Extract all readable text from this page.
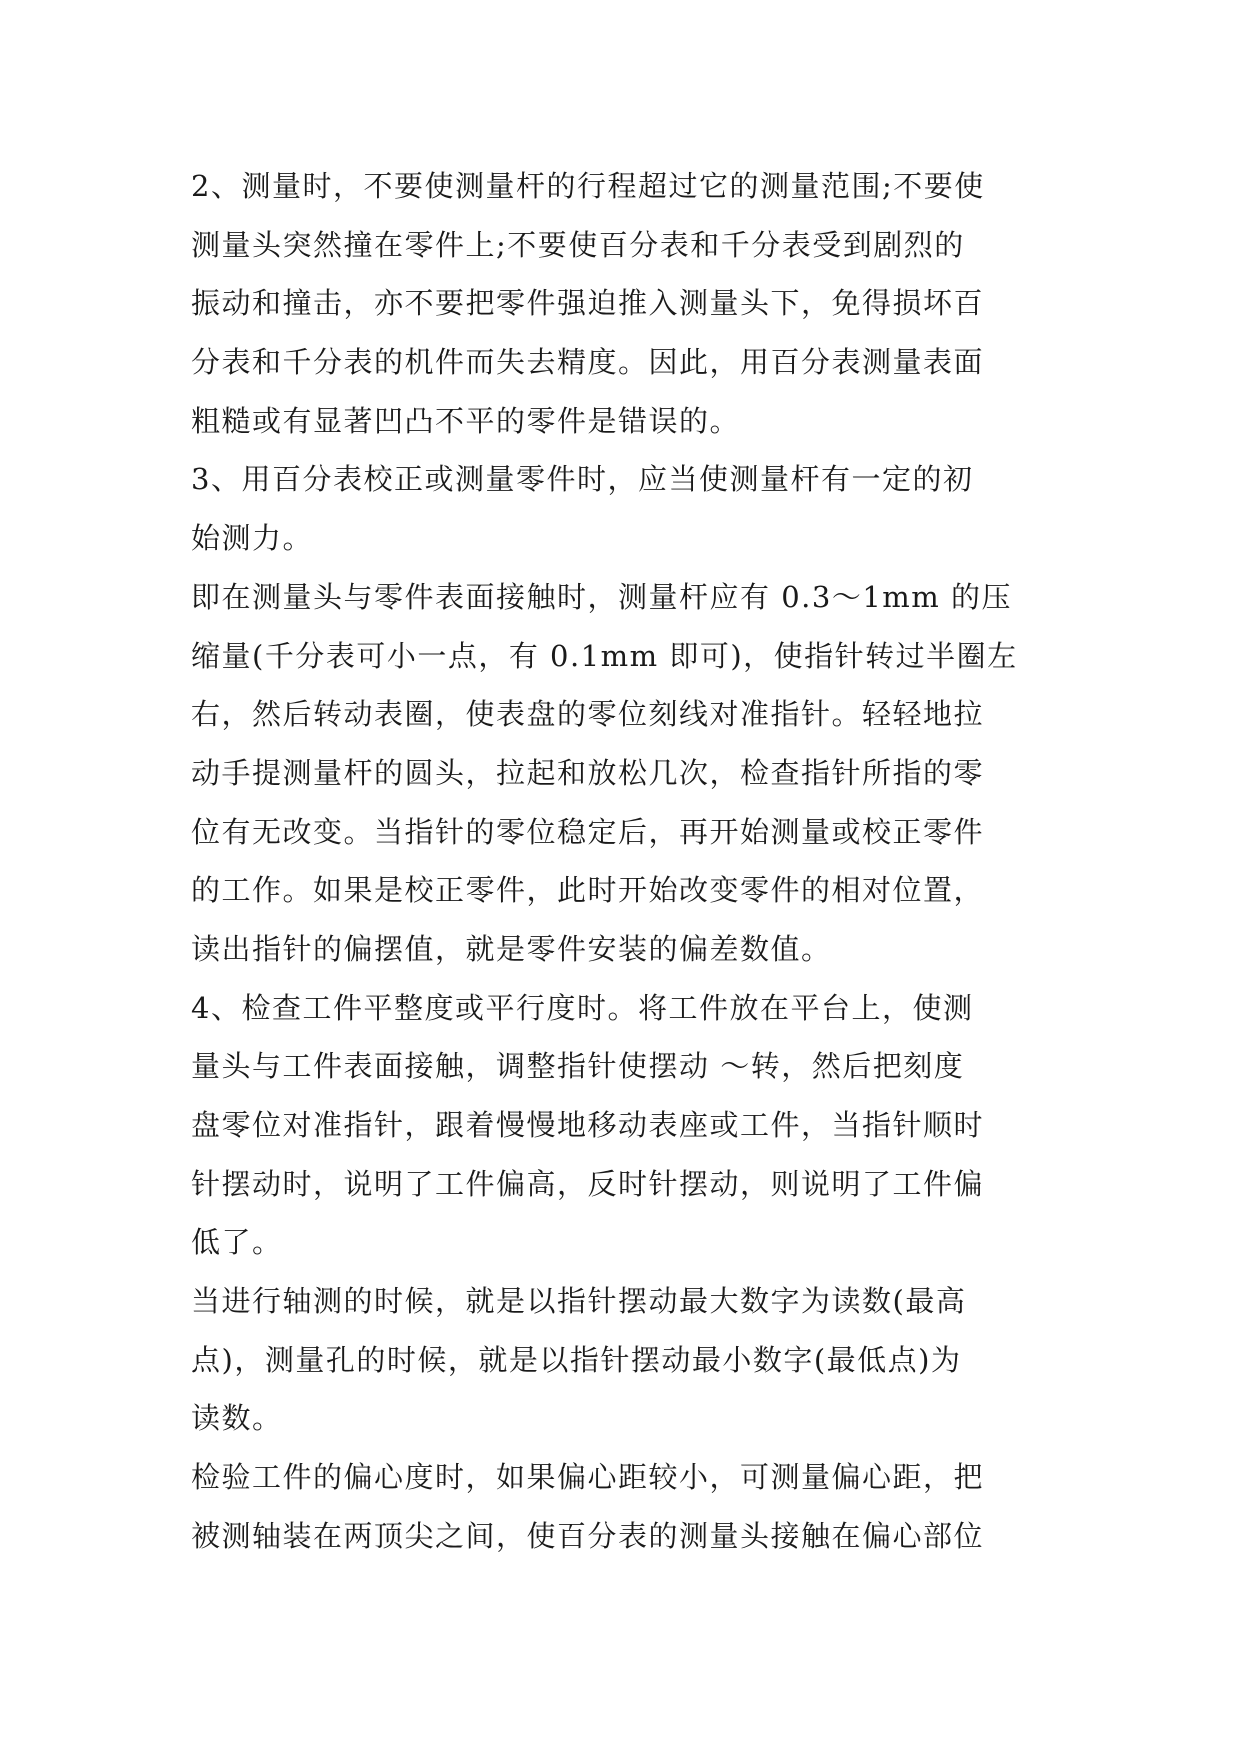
2、测量时，不要使测量杆的行程超过它的测量范围;不要使
测量头突然撞在零件上;不要使百分表和千分表受到剧烈的
振动和撞击，亦不要把零件强迫推入测量头下，免得损坏百
分表和千分表的机件而失去精度。因此，用百分表测量表面
粗糙或有显著凹凸不平的零件是错误的。
3、用百分表校正或测量零件时，应当使测量杆有一定的初
始测力。
即在测量头与零件表面接触时，测量杆应有 0.3～1mm 的压
缩量(千分表可小一点，有 0.1mm 即可)，使指针转过半圈左
右，然后转动表圈，使表盘的零位刻线对准指针。轻轻地拉
动手提测量杆的圆头，拉起和放松几次，检查指针所指的零
位有无改变。当指针的零位稳定后，再开始测量或校正零件
的工作。如果是校正零件，此时开始改变零件的相对位置，
读出指针的偏摆值，就是零件安装的偏差数值。
4、检查工件平整度或平行度时。将工件放在平台上，使测
量头与工件表面接触，调整指针使摆动 ～转，然后把刻度
盘零位对准指针，跟着慢慢地移动表座或工件，当指针顺时
针摆动时，说明了工件偏高，反时针摆动，则说明了工件偏
低了。
当进行轴测的时候，就是以指针摆动最大数字为读数(最高
点)，测量孔的时候，就是以指针摆动最小数字(最低点)为
读数。
检验工件的偏心度时，如果偏心距较小，可测量偏心距，把
被测轴装在两顶尖之间，使百分表的测量头接触在偏心部位
